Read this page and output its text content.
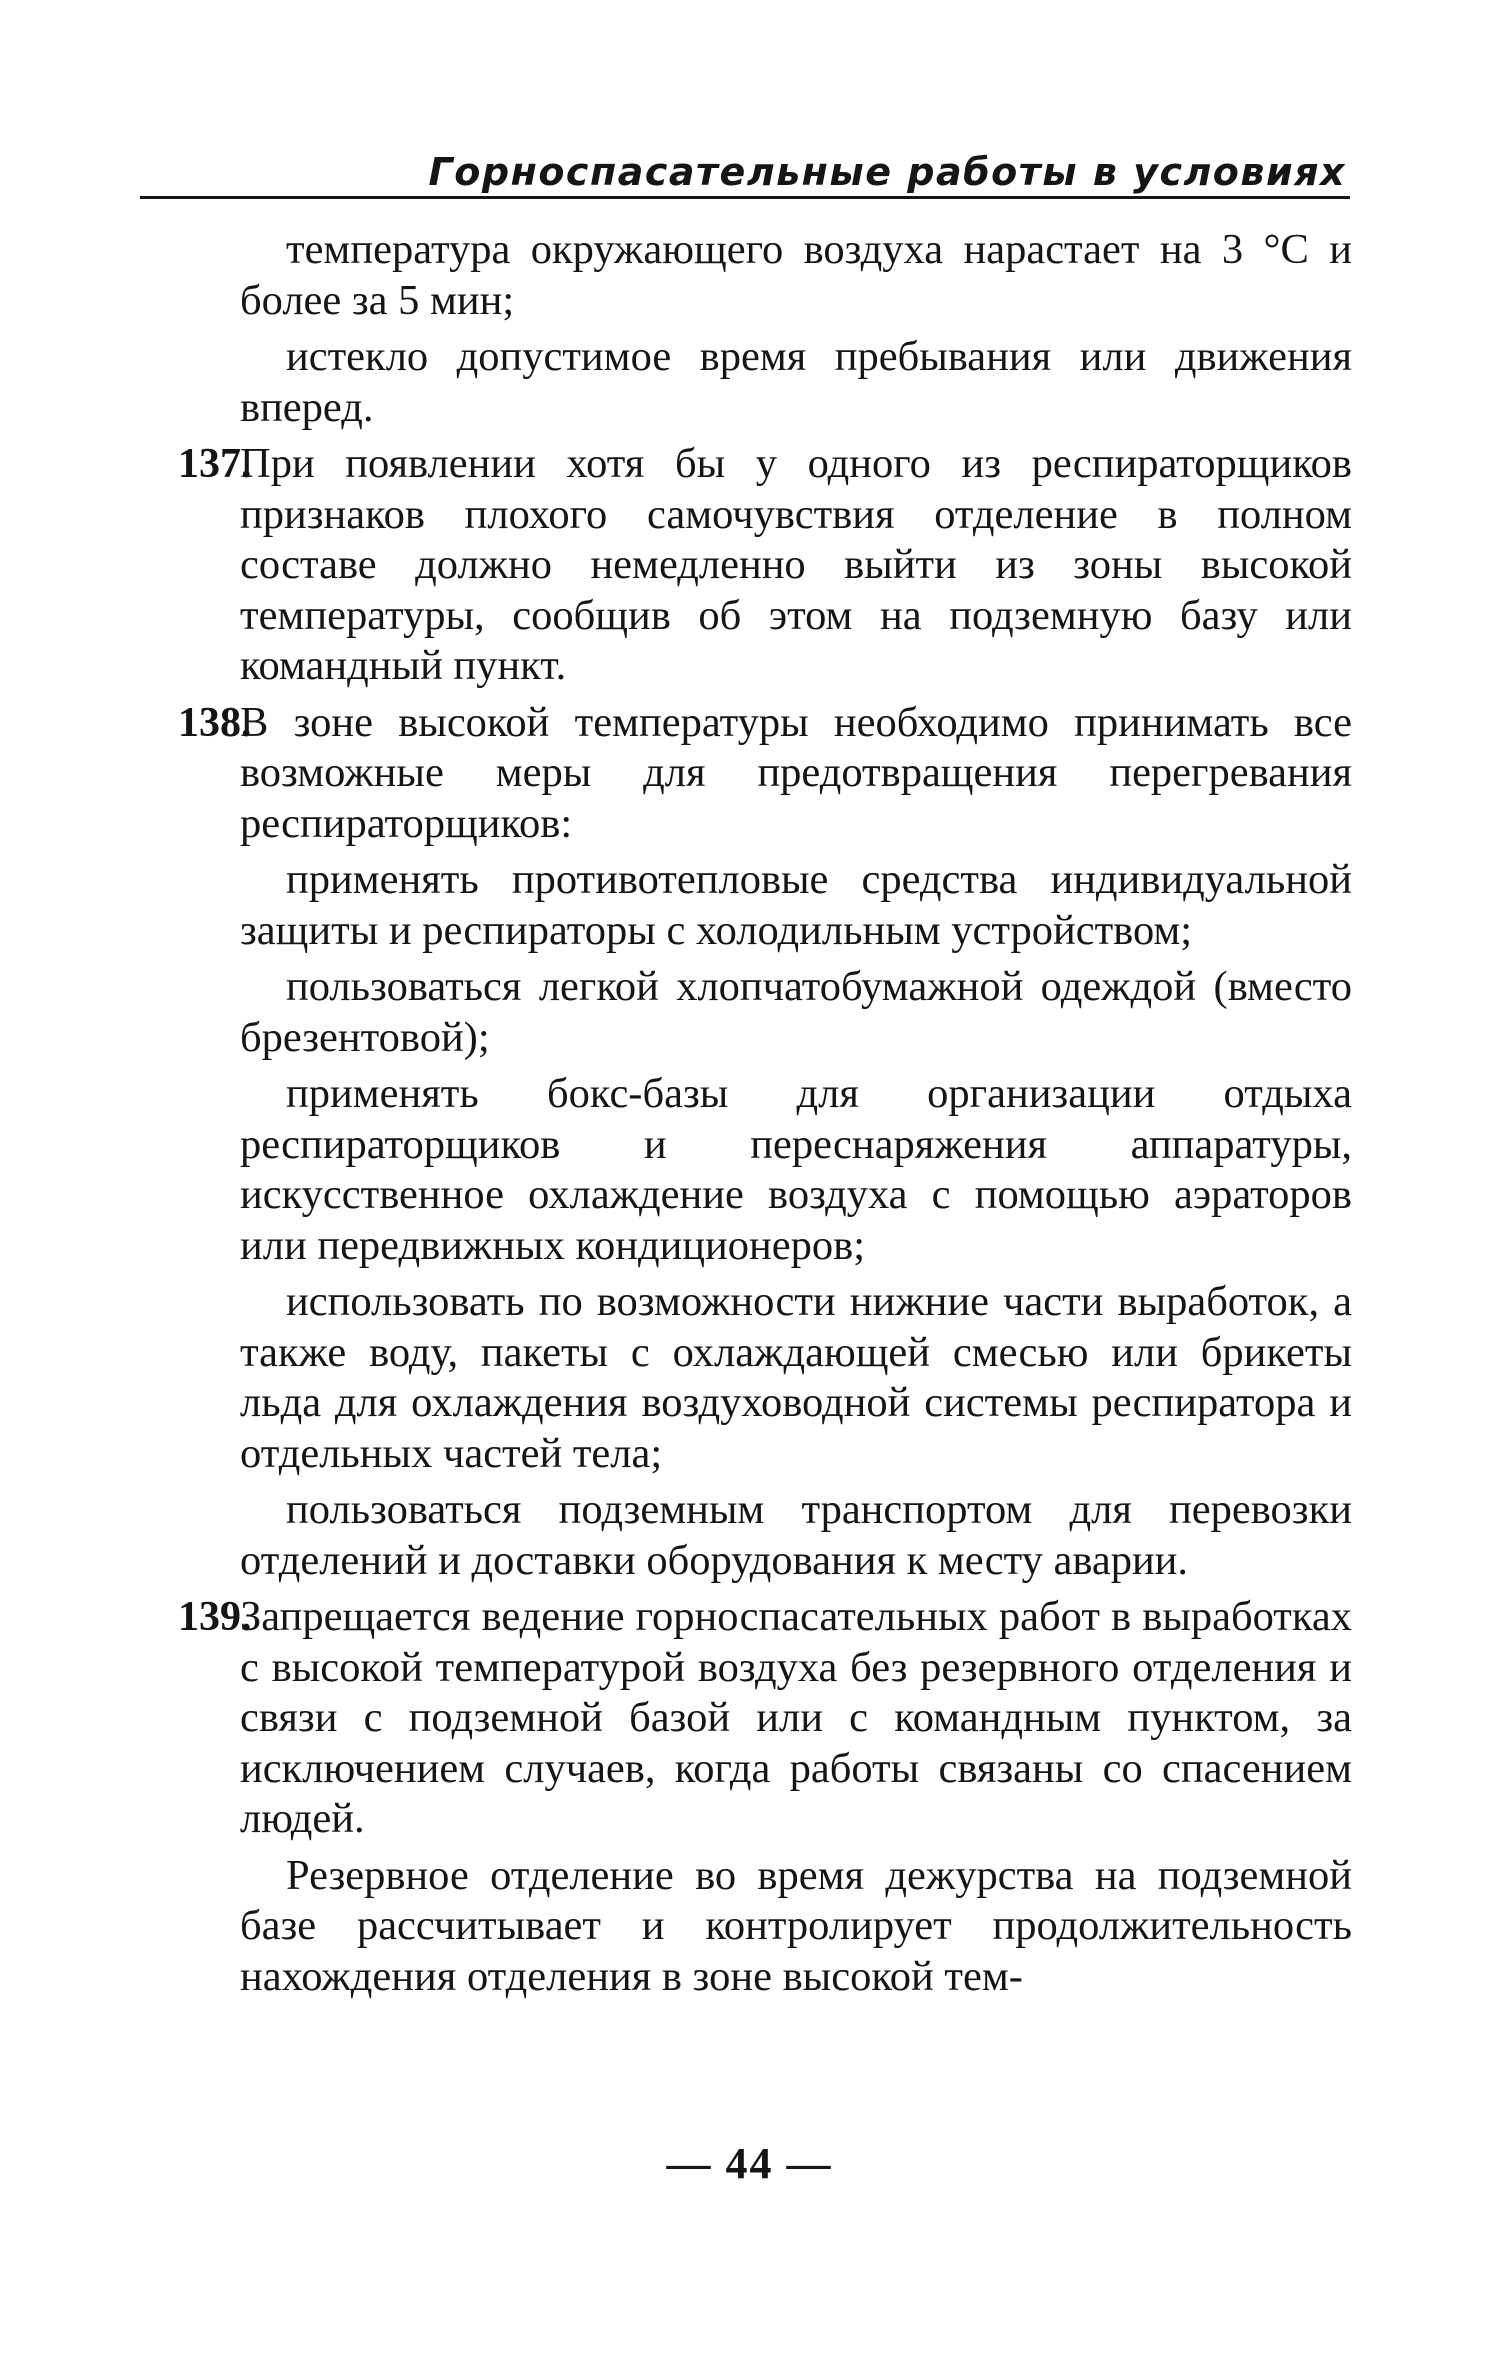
Горноспасательные работы в условиях

температура окружающего воздуха нарастает на 3 °С и более за 5 мин;

истекло допустимое время пребывания или движения вперед.

137.
При появлении хотя бы у одного из респираторщиков признаков плохого самочувствия отделение в полном составе должно немедленно выйти из зоны высокой температуры, сообщив об этом на подземную базу или командный пункт.

138.
В зоне высокой температуры необходимо принимать все возможные меры для предотвращения перегревания респираторщиков:

применять противотепловые средства индивидуальной защиты и респираторы с холодильным устройством;

пользоваться легкой хлопчатобумажной одеждой (вместо брезентовой);

применять бокс-базы для организации отдыха респираторщиков и переснаряжения аппаратуры, искусственное охлаждение воздуха с помощью аэраторов или передвижных кондиционеров;

использовать по возможности нижние части выработок, а также воду, пакеты с охлаждающей смесью или брикеты льда для охлаждения воздуховодной системы респиратора и отдельных частей тела;

пользоваться подземным транспортом для перевозки отделений и доставки оборудования к месту аварии.

139.
Запрещается ведение горноспасательных работ в выработках с высокой температурой воздуха без резервного отделения и связи с подземной базой или с командным пунктом, за исключением случаев, когда работы связаны со спасением людей.

Резервное отделение во время дежурства на подземной базе рассчитывает и контролирует продолжительность нахождения отделения в зоне высокой тем-

— 44 —
